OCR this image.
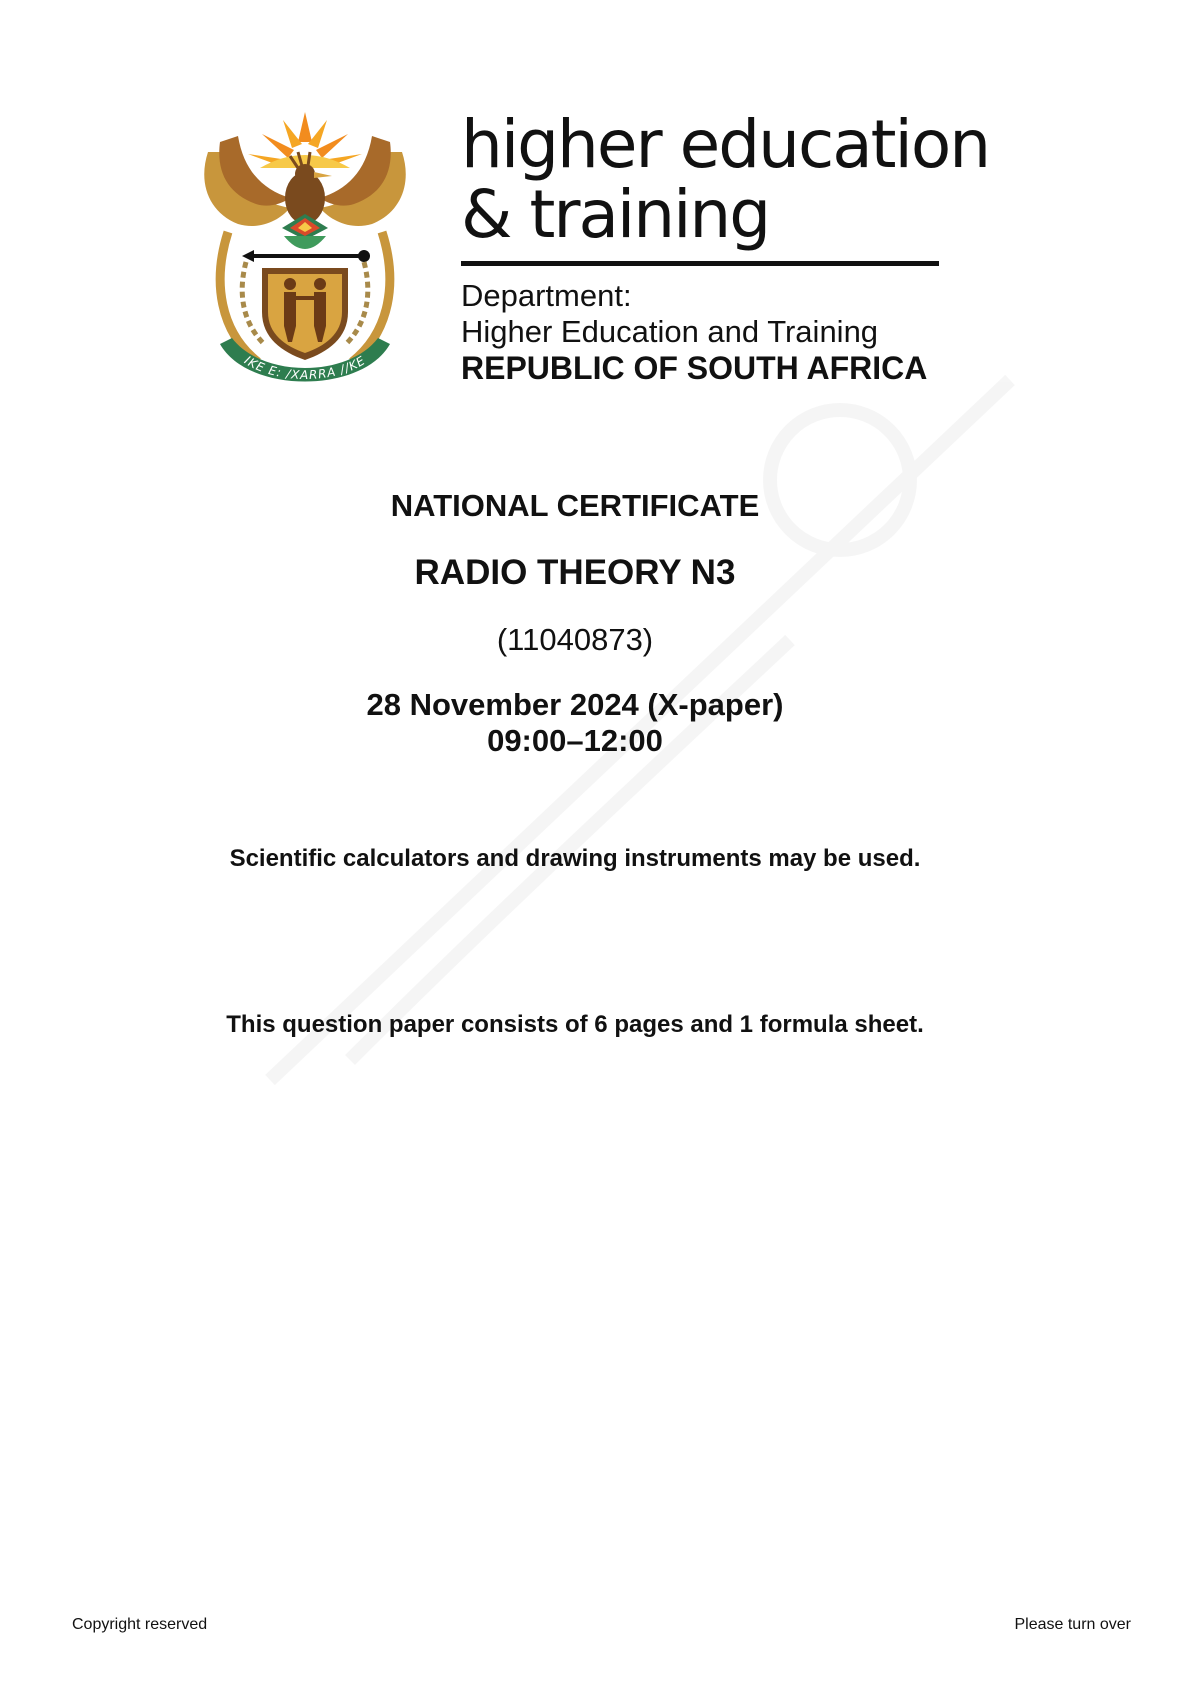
IKE E: /XARRA //KE

higher education

& training

Department:

Higher Education and Training

REPUBLIC OF SOUTH AFRICA

NATIONAL CERTIFICATE

RADIO THEORY N3

(11040873)

28 November 2024 (X-paper)

09:00–12:00

Scientific calculators and drawing instruments may be used.

This question paper consists of 6 pages and 1 formula sheet.

Copyright reserved	Please turn over
